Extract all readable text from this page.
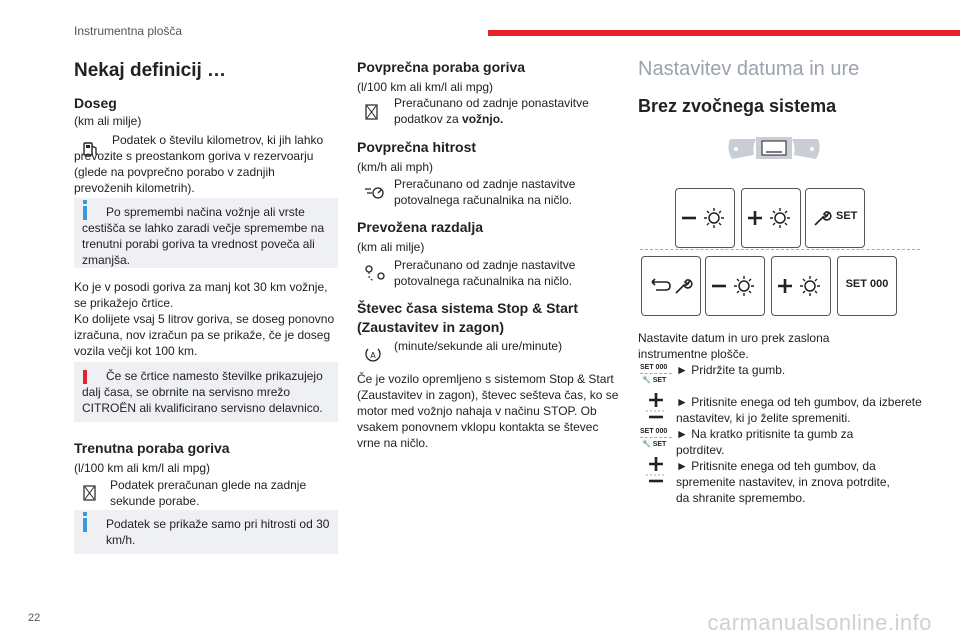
Instrumentna plošča
Nekaj definicij …
Doseg
(km ali milje)
Podatek o številu kilometrov, ki jih lahko prevozite s preostankom goriva v rezervoarju (glede na povprečno porabo v zadnjih prevoženih kilometrih).
Po spremembi načina vožnje ali vrste cestišča se lahko zaradi večje spremembe na trenutni porabi goriva ta vrednost poveča ali zmanjša.
Ko je v posodi goriva za manj kot 30 km vožnje, se prikažejo črtice.
Ko dolijete vsaj 5 litrov goriva, se doseg ponovno izračuna, nov izračun pa se prikaže, če je doseg vozila večji kot 100 km.
Če se črtice namesto številke prikazujejo dalj časa, se obrnite na servisno mrežo CITROËN ali kvalificirano servisno delavnico.
Trenutna poraba goriva
(l/100 km ali km/l ali mpg)
Podatek preračunan glede na zadnje sekunde porabe.
Podatek se prikaže samo pri hitrosti od 30 km/h.
Povprečna poraba goriva
(l/100 km ali km/l ali mpg)
Preračunano od zadnje ponastavitve podatkov za vožnjo.
Povprečna hitrost
(km/h ali mph)
Preračunano od zadnje nastavitve potovalnega računalnika na ničlo.
Prevožena razdalja
(km ali milje)
Preračunano od zadnje nastavitve potovalnega računalnika na ničlo.
Števec časa sistema Stop & Start
(Zaustavitev in zagon)
A
(minute/sekunde ali ure/minute)
Če je vozilo opremljeno s sistemom Stop & Start (Zaustavitev in zagon), števec sešteva čas, ko se motor med vožnjo nahaja v načinu STOP. Ob vsakem ponovnem vklopu kontakta se števec vrne na ničlo.
Nastavitev datuma in ure
Brez zvočnega sistema
SET
SET 000
Nastavite datum in uro prek zaslona instrumentne plošče.
SET 000
🔧 SET
► Pridržite ta gumb.
► Pritisnite enega od teh gumbov, da izberete nastavitev, ki jo želite spremeniti.
SET 000
🔧 SET
► Na kratko pritisnite ta gumb za potrditev.
► Pritisnite enega od teh gumbov, da spremenite nastavitev, in znova potrdite, da shranite spremembo.
22	carmanualsonline.info
